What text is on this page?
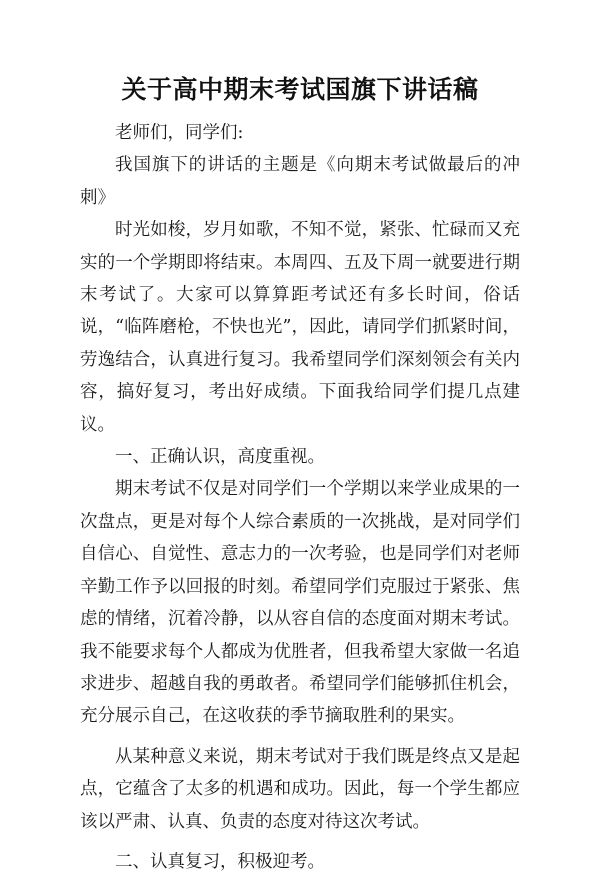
关于高中期末考试国旗下讲话稿

老师们，同学们:

我国旗下的讲话的主题是《向期末考试做最后的冲刺》

时光如梭，岁月如歌，不知不觉，紧张、忙碌而又充实的一个学期即将结束。本周四、五及下周一就要进行期末考试了。大家可以算算距考试还有多长时间，俗话说，“临阵磨枪，不快也光”，因此，请同学们抓紧时间，劳逸结合，认真进行复习。我希望同学们深刻领会有关内容，搞好复习，考出好成绩。下面我给同学们提几点建议。

一、正确认识，高度重视。

期末考试不仅是对同学们一个学期以来学业成果的一次盘点，更是对每个人综合素质的一次挑战，是对同学们自信心、自觉性、意志力的一次考验，也是同学们对老师辛勤工作予以回报的时刻。希望同学们克服过于紧张、焦虑的情绪，沉着冷静，以从容自信的态度面对期末考试。我不能要求每个人都成为优胜者，但我希望大家做一名追求进步、超越自我的勇敢者。希望同学们能够抓住机会，充分展示自己，在这收获的季节摘取胜利的果实。

从某种意义来说，期末考试对于我们既是终点又是起点，它蕴含了太多的机遇和成功。因此，每一个学生都应该以严肃、认真、负责的态度对待这次考试。

二、认真复习，积极迎考。
